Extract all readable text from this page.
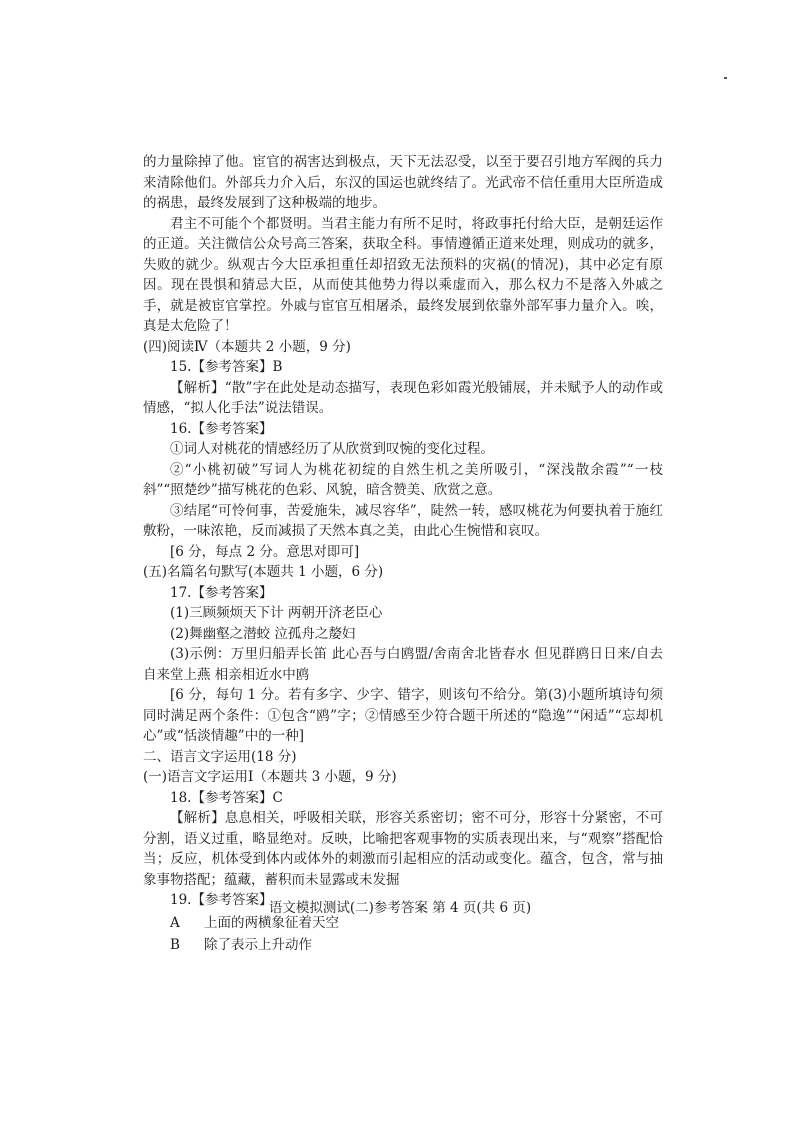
的力量除掉了他。宦官的祸害达到极点，天下无法忍受，以至于要召引地方军阀的兵力来清除他们。外部兵力介入后，东汉的国运也就终结了。光武帝不信任重用大臣所造成的祸患，最终发展到了这种极端的地步。

君主不可能个个都贤明。当君主能力有所不足时，将政事托付给大臣，是朝廷运作的正道。关注微信公众号高三答案，获取全科。事情遵循正道来处理，则成功的就多，失败的就少。纵观古今大臣承担重任却招致无法预料的灾祸(的情况)，其中必定有原因。现在畏惧和猜忌大臣，从而使其他势力得以乘虚而入，那么权力不是落入外戚之手，就是被宦官掌控。外戚与宦官互相屠杀，最终发展到依靠外部军事力量介入。唉，真是太危险了！

(四)阅读Ⅳ（本题共 2 小题，9 分)

15.【参考答案】B

【解析】“散”字在此处是动态描写，表现色彩如霞光般铺展，并未赋予人的动作或情感，“拟人化手法”说法错误。

16.【参考答案】

①词人对桃花的情感经历了从欣赏到叹惋的变化过程。

②“小桃初破”写词人为桃花初绽的自然生机之美所吸引，“深浅散余霞”“一枝斜”“照楚纱”描写桃花的色彩、风貌，暗含赞美、欣赏之意。

③结尾“可怜何事，苦爱施朱，减尽容华”，陡然一转，感叹桃花为何要执着于施红敷粉，一味浓艳，反而减损了天然本真之美，由此心生惋惜和哀叹。

[6 分，每点 2 分。意思对即可]

(五)名篇名句默写(本题共 1 小题，6 分)

17.【参考答案】

(1)三顾频烦天下计 两朝开济老臣心

(2)舞幽壑之潜蛟 泣孤舟之嫠妇

(3)示例：万里归船弄长笛 此心吾与白鸥盟/舍南舍北皆春水 但见群鸥日日来/自去自来堂上燕 相亲相近水中鸥

[6 分，每句 1 分。若有多字、少字、错字，则该句不给分。第(3)小题所填诗句须同时满足两个条件：①包含“鸥”字；②情感至少符合题干所述的“隐逸”“闲适”“忘却机心”或“恬淡情趣”中的一种]

二、语言文字运用(18 分)

(一)语言文字运用Ⅰ（本题共 3 小题，9 分)

18.【参考答案】C

【解析】息息相关，呼吸相关联，形容关系密切；密不可分，形容十分紧密，不可分割，语义过重，略显绝对。反映，比喻把客观事物的实质表现出来，与“观察”搭配恰当；反应，机体受到体内或体外的刺激而引起相应的活动或变化。蕴含，包含，常与抽象事物搭配；蕴藏，蓄积而未显露或未发掘

19.【参考答案】

A 上面的两横象征着天空
B 除了表示上升动作
语文模拟测试(二)参考答案 第 4 页(共 6 页)
